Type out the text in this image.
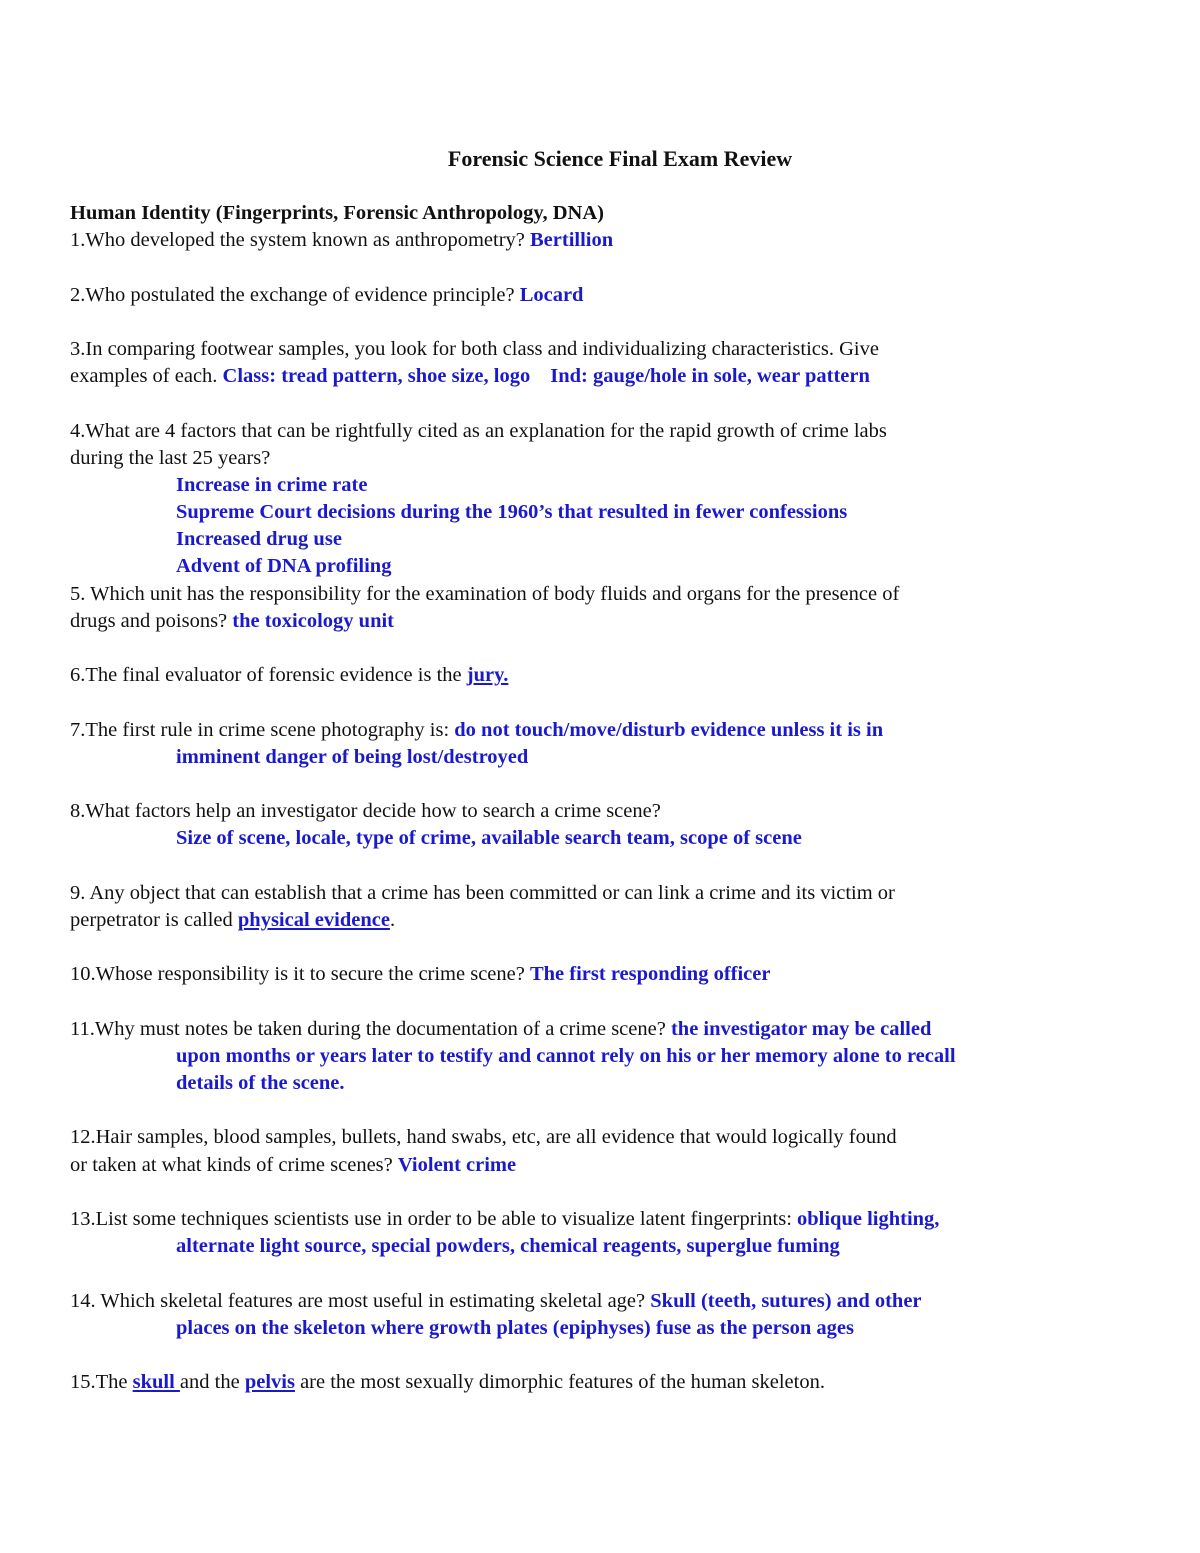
Forensic Science Final Exam Review
Human Identity (Fingerprints, Forensic Anthropology, DNA)
1.Who developed the system known as anthropometry? Bertillion
2.Who postulated the exchange of evidence principle? Locard
3.In comparing footwear samples, you look for both class and individualizing characteristics. Give
examples of each. Class: tread pattern, shoe size, logo Ind: gauge/hole in sole, wear pattern
4.What are 4 factors that can be rightfully cited as an explanation for the rapid growth of crime labs
during the last 25 years?
Increase in crime rate
Supreme Court decisions during the 1960’s that resulted in fewer confessions
Increased drug use
Advent of DNA profiling
5. Which unit has the responsibility for the examination of body fluids and organs for the presence of
drugs and poisons? the toxicology unit
6.The final evaluator of forensic evidence is the jury.
7.The first rule in crime scene photography is: do not touch/move/disturb evidence unless it is in
imminent danger of being lost/destroyed
8.What factors help an investigator decide how to search a crime scene?
Size of scene, locale, type of crime, available search team, scope of scene
9. Any object that can establish that a crime has been committed or can link a crime and its victim or
perpetrator is called physical evidence.
10.Whose responsibility is it to secure the crime scene? The first responding officer
11.Why must notes be taken during the documentation of a crime scene? the investigator may be called
upon months or years later to testify and cannot rely on his or her memory alone to recall
details of the scene.
12.Hair samples, blood samples, bullets, hand swabs, etc, are all evidence that would logically found
or taken at what kinds of crime scenes? Violent crime
13.List some techniques scientists use in order to be able to visualize latent fingerprints: oblique lighting,
alternate light source, special powders, chemical reagents, superglue fuming
14. Which skeletal features are most useful in estimating skeletal age? Skull (teeth, sutures) and other
places on the skeleton where growth plates (epiphyses) fuse as the person ages
15.The skull and the pelvis are the most sexually dimorphic features of the human skeleton.
